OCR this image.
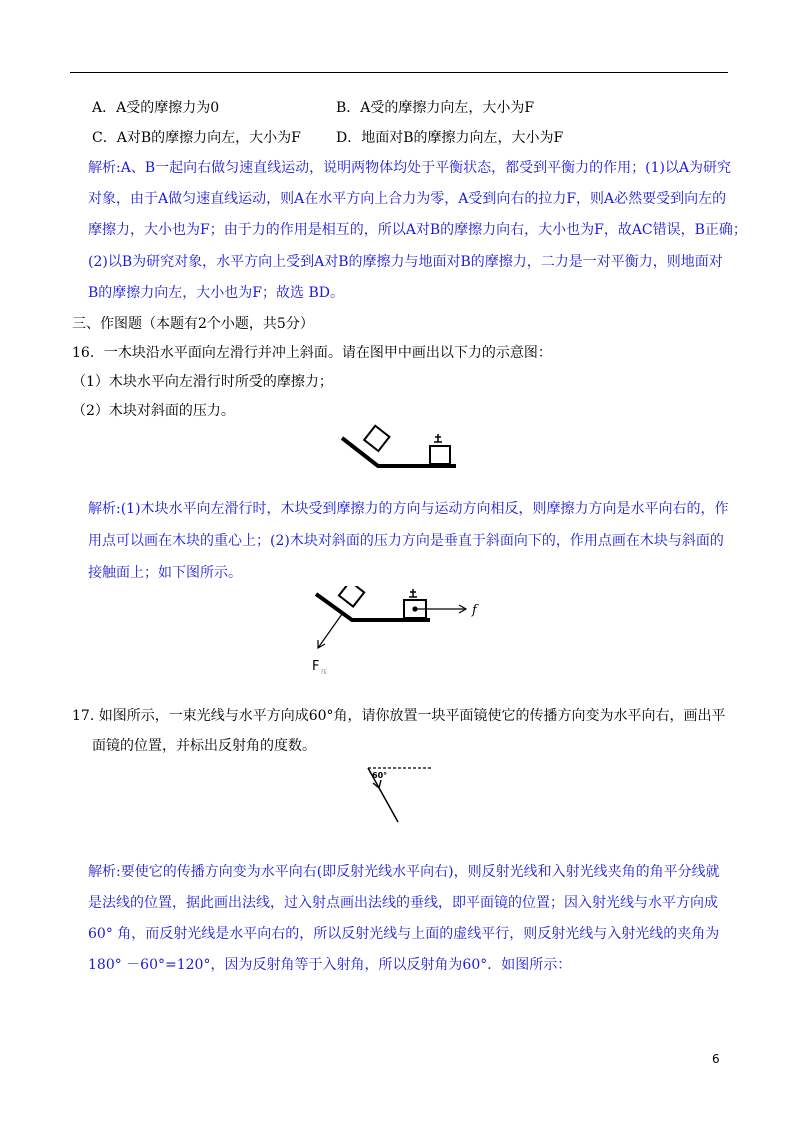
A．A受的摩擦力为0	B．A受的摩擦力向左，大小为F
C．A对B的摩擦力向左，大小为F	D．地面对B的摩擦力向左，大小为F
解析:A、B一起向右做匀速直线运动，说明两物体均处于平衡状态，都受到平衡力的作用；(1)以A为研究
对象，由于A做匀速直线运动，则A在水平方向上合力为零，A受到向右的拉力F，则A必然要受到向左的
摩擦力，大小也为F；由于力的作用是相互的，所以A对B的摩擦力向右，大小也为F，故AC错误，B正确；
(2)以B为研究对象，水平方向上受到A对B的摩擦力与地面对B的摩擦力，二力是一对平衡力，则地面对
B的摩擦力向左，大小也为F；故选 BD。
三、作图题（本题有2个小题，共5分）
16．一木块沿水平面向左滑行并冲上斜面。请在图甲中画出以下力的示意图：
（1）木块水平向左滑行时所受的摩擦力；
（2）木块对斜面的压力。
解析:(1)木块水平向左滑行时，木块受到摩擦力的方向与运动方向相反，则摩擦力方向是水平向右的，作
用点可以画在木块的重心上；(2)木块对斜面的压力方向是垂直于斜面向下的，作用点画在木块与斜面的
接触面上；如下图所示。
f
F 压
17. 如图所示，一束光线与水平方向成60°角，请你放置一块平面镜使它的传播方向变为水平向右，画出平
面镜的位置，并标出反射角的度数。
60°
解析:要使它的传播方向变为水平向右(即反射光线水平向右)，则反射光线和入射光线夹角的角平分线就
是法线的位置，据此画出法线，过入射点画出法线的垂线，即平面镜的位置；因入射光线与水平方向成
60° 角，而反射光线是水平向右的，所以反射光线与上面的虚线平行，则反射光线与入射光线的夹角为
180° －60°=120°，因为反射角等于入射角，所以反射角为60°．如图所示：
6
